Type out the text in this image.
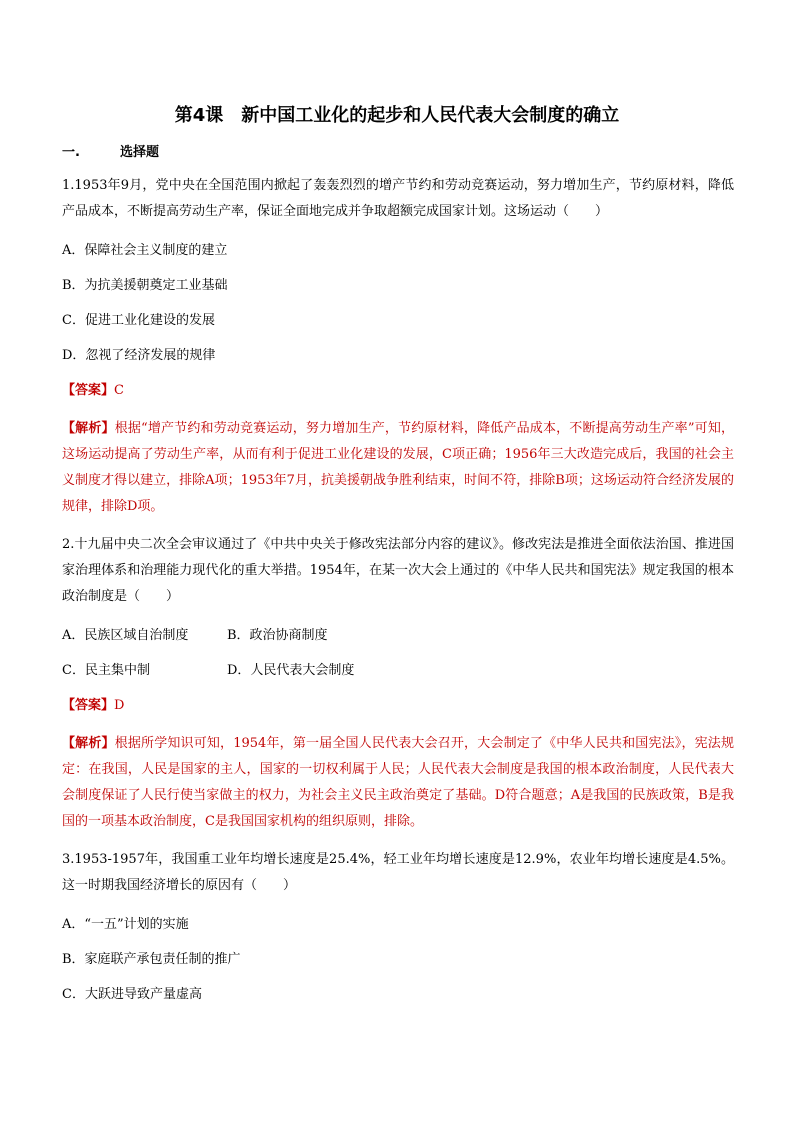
第4课　新中国工业化的起步和人民代表大会制度的确立
一.	选择题

1.1953年9月，党中央在全国范围内掀起了轰轰烈烈的增产节约和劳动竞赛运动，努力增加生产，节约原材料，降低产品成本，不断提高劳动生产率，保证全面地完成并争取超额完成国家计划。这场运动（　　）

A．保障社会主义制度的建立

B．为抗美援朝奠定工业基础

C．促进工业化建设的发展

D．忽视了经济发展的规律

【答案】C
【解析】根据“增产节约和劳动竞赛运动，努力增加生产，节约原材料，降低产品成本，不断提高劳动生产率”可知，这场运动提高了劳动生产率，从而有利于促进工业化建设的发展，C项正确；1956年三大改造完成后，我国的社会主义制度才得以建立，排除A项；1953年7月，抗美援朝战争胜利结束，时间不符，排除B项；这场运动符合经济发展的规律，排除D项。

2.十九届中央二次全会审议通过了《中共中央关于修改宪法部分内容的建议》。修改宪法是推进全面依法治国、推进国家治理体系和治理能力现代化的重大举措。1954年，在某一次大会上通过的《中华人民共和国宪法》规定我国的根本政治制度是（　　）

A．民族区域自治制度	B．政治协商制度
C．民主集中制	D．人民代表大会制度
【答案】D
【解析】根据所学知识可知，1954年，第一届全国人民代表大会召开，大会制定了《中华人民共和国宪法》，宪法规定：在我国，人民是国家的主人，国家的一切权利属于人民；人民代表大会制度是我国的根本政治制度，人民代表大会制度保证了人民行使当家做主的权力，为社会主义民主政治奠定了基础。D符合题意；A是我国的民族政策，B是我国的一项基本政治制度，C是我国国家机构的组织原则，排除。

3.1953-1957年，我国重工业年均增长速度是25.4%，轻工业年均增长速度是12.9%，农业年均增长速度是4.5%。这一时期我国经济增长的原因有（　　）

A．“一五”计划的实施

B．家庭联产承包责任制的推广

C．大跃进导致产量虚高
